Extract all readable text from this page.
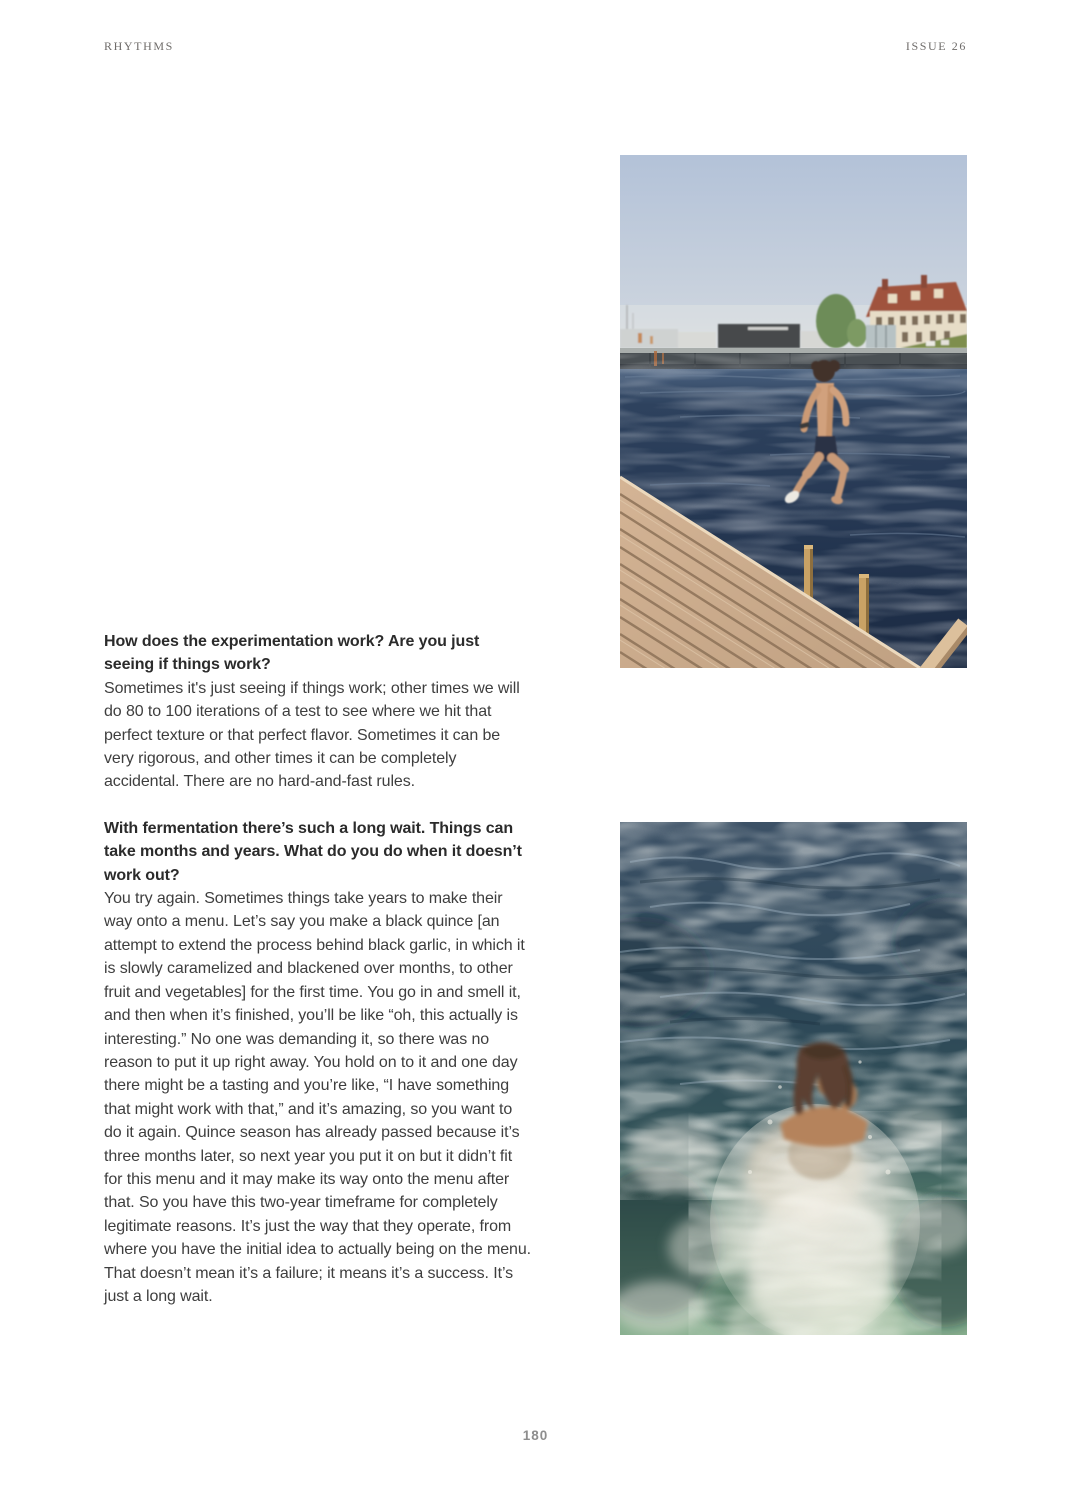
RHYTHMS	ISSUE 26
How does the experimentation work? Are you just seeing if things work?

Sometimes it's just seeing if things work; other times we will do 80 to 100 iterations of a test to see where we hit that perfect texture or that perfect flavor. Sometimes it can be very rigorous, and other times it can be completely accidental. There are no hard-and-fast rules.

With fermentation there’s such a long wait. Things can take months and years. What do you do when it doesn’t work out?

You try again. Sometimes things take years to make their way onto a menu. Let’s say you make a black quince [an attempt to extend the process behind black garlic, in which it is slowly caramelized and blackened over months, to other fruit and vegetables] for the first time. You go in and smell it, and then when it’s finished, you’ll be like “oh, this actually is interesting.” No one was demanding it, so there was no reason to put it up right away. You hold on to it and one day there might be a tasting and you’re like, “I have something that might work with that,” and it’s amazing, so you want to do it again. Quince season has already passed because it’s three months later, so next year you put it on but it didn’t fit for this menu and it may make its way onto the menu after that. So you have this two-year timeframe for completely legitimate reasons. It’s just the way that they operate, from where you have the initial idea to actually being on the menu. That doesn’t mean it’s a failure; it means it’s a success. It’s just a long wait.

180
